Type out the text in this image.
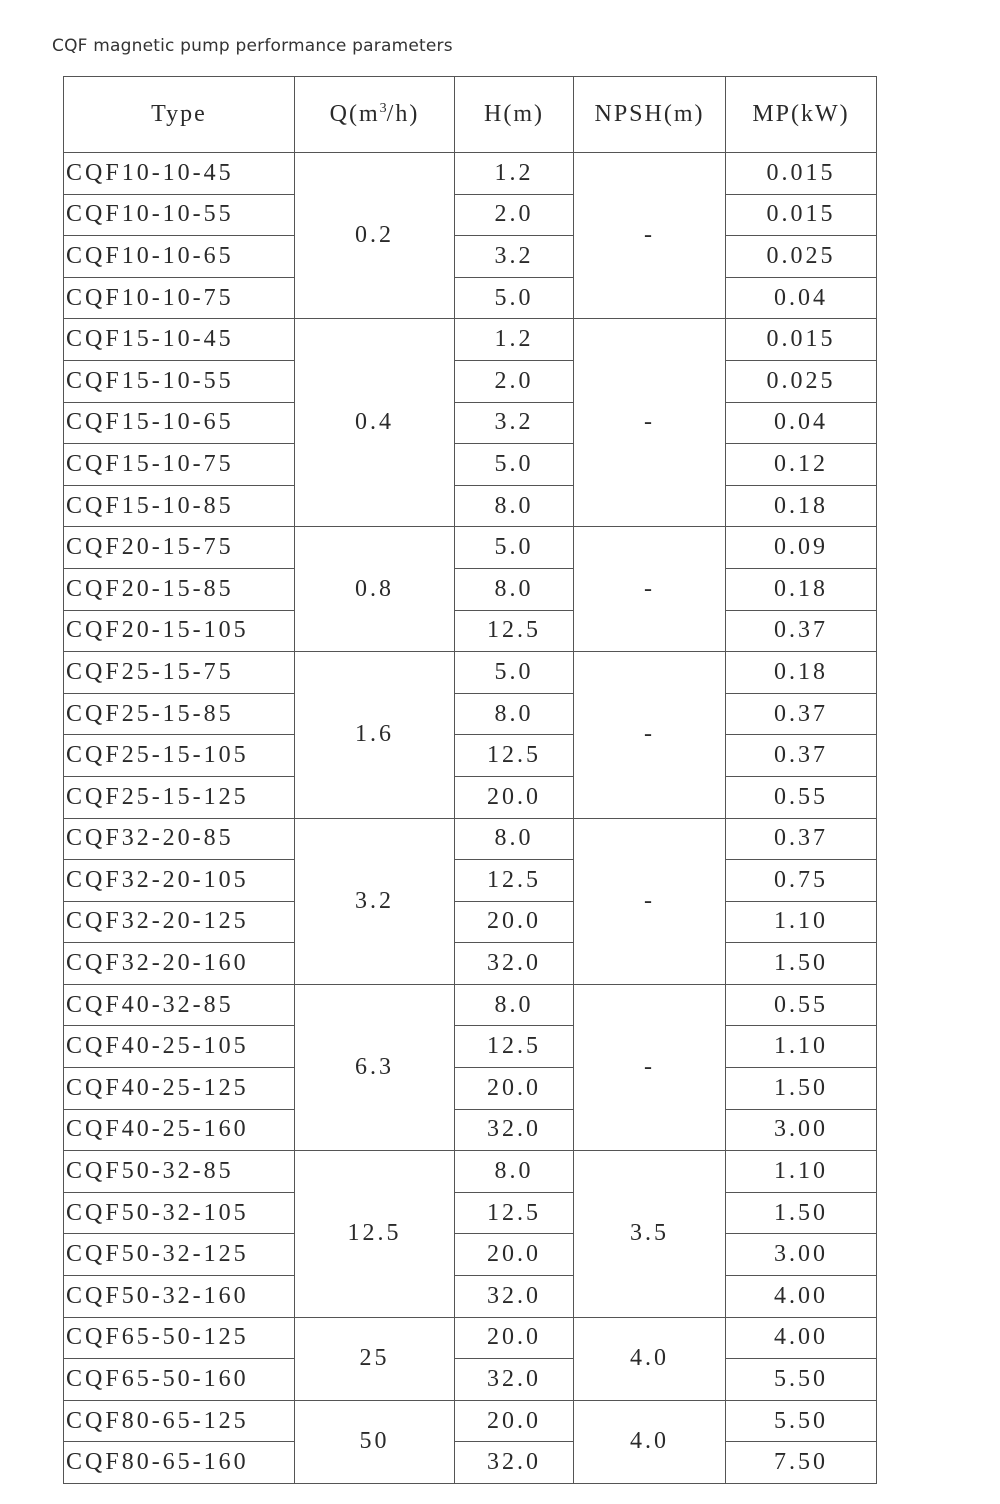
CQF magnetic pump performance parameters
Type	$Q(m^3/h)$	H(m)	NPSH(m)	MP(kW)
CQF10-10-45	0.2	1.2	-	0.015
CQF10-10-55		2.0		0.015
CQF10-10-65		3.2		0.025
CQF10-10-75		5.0		0.04
CQF15-10-45	0.4	1.2	-	0.015
CQF15-10-55		2.0		0.025
CQF15-10-65		3.2		0.04
CQF15-10-75		5.0		0.12
CQF15-10-85		8.0		0.18
CQF20-15-75	0.8	5.0	-	0.09
CQF20-15-85		8.0		0.18
CQF20-15-105		12.5		0.37
CQF25-15-75	1.6	5.0	-	0.18
CQF25-15-85		8.0		0.37
CQF25-15-105		12.5		0.37
CQF25-15-125		20.0		0.55
CQF32-20-85	3.2	8.0	-	0.37
CQF32-20-105		12.5		0.75
CQF32-20-125		20.0		1.10
CQF32-20-160		32.0		1.50
CQF40-32-85	6.3	8.0	-	0.55
CQF40-25-105		12.5		1.10
CQF40-25-125		20.0		1.50
CQF40-25-160		32.0		3.00
CQF50-32-85	12.5	8.0	3.5	1.10
CQF50-32-105		12.5		1.50
CQF50-32-125		20.0		3.00
CQF50-32-160		32.0		4.00
CQF65-50-125	25	20.0	4.0	4.00
CQF65-50-160		32.0		5.50
CQF80-65-125	50	20.0	4.0	5.50
CQF80-65-160		32.0		7.50
